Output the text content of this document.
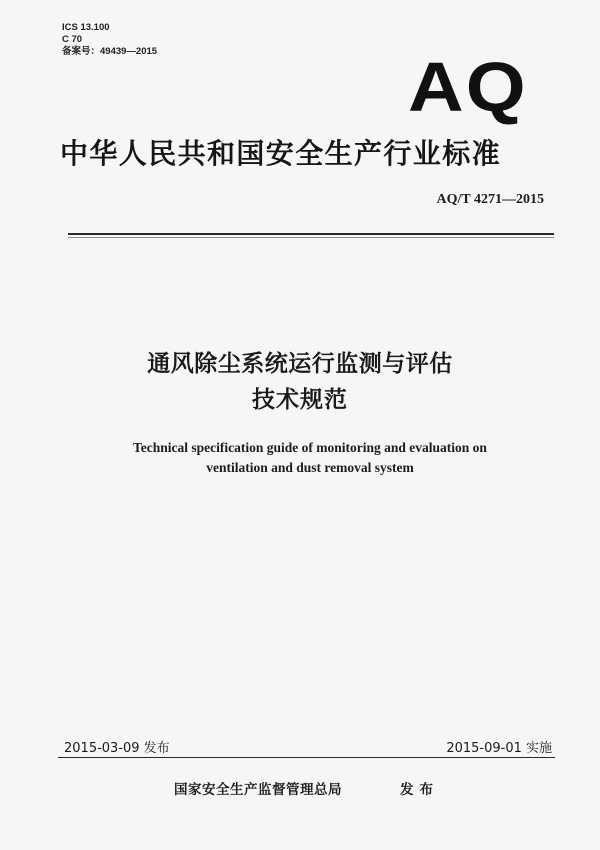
ICS 13.100
C 70
备案号：49439—2015	AQ
中华人民共和国安全生产行业标准
AQ/T 4271—2015
通风除尘系统运行监测与评估
技术规范
Technical specification guide of monitoring and evaluation on
ventilation and dust removal system
2015-03-09 发布	2015-09-01 实施
国家安全生产监督管理总局	发布
